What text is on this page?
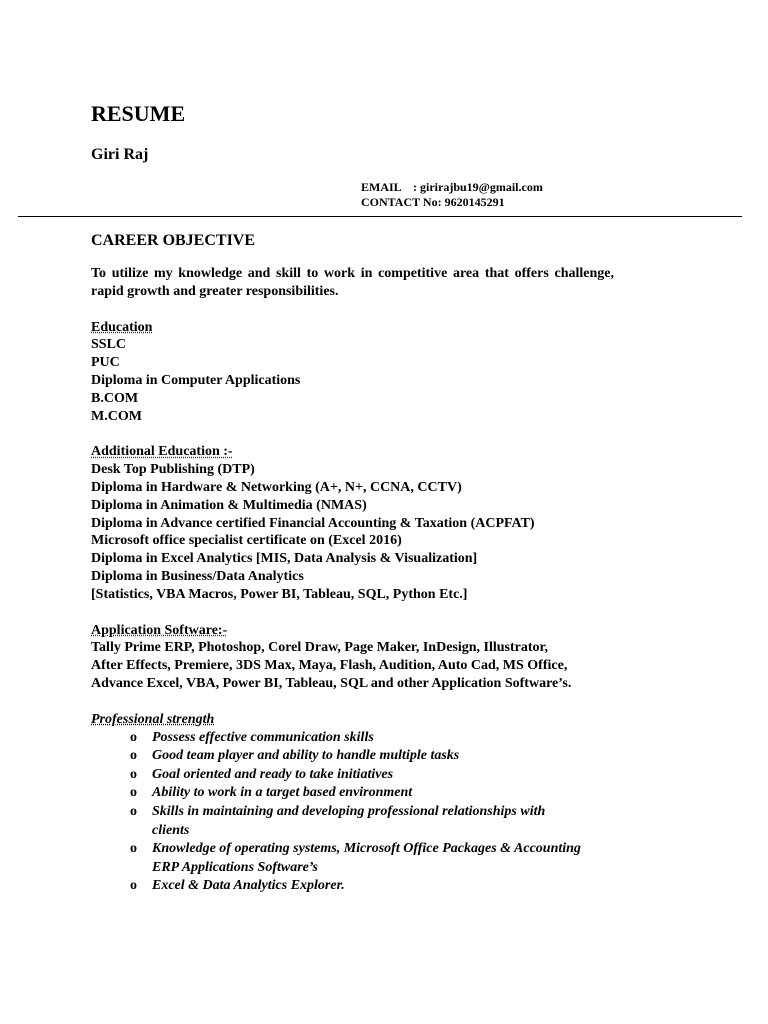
RESUME
Giri Raj
EMAIL : girirajbu19@gmail.com
CONTACT No: 9620145291
CAREER OBJECTIVE
To utilize my knowledge and skill to work in competitive area that offers challenge, rapid growth and greater responsibilities.
Education
SSLC
PUC
Diploma in Computer Applications
B.COM
M.COM
Additional Education :-
Desk Top Publishing (DTP)
Diploma in Hardware & Networking (A+, N+, CCNA, CCTV)
Diploma in Animation & Multimedia (NMAS)
Diploma in Advance certified Financial Accounting & Taxation (ACPFAT)
Microsoft office specialist certificate on (Excel 2016)
Diploma in Excel Analytics [MIS, Data Analysis & Visualization]
Diploma in Business/Data Analytics
[Statistics, VBA Macros, Power BI, Tableau, SQL, Python Etc.]
Application Software:-
Tally Prime ERP, Photoshop, Corel Draw, Page Maker, InDesign, Illustrator,
After Effects, Premiere, 3DS Max, Maya, Flash, Audition, Auto Cad, MS Office,
Advance Excel, VBA, Power BI, Tableau, SQL and other Application Software’s.
Professional strength
o Possess effective communication skills
o Good team player and ability to handle multiple tasks
o Goal oriented and ready to take initiatives
o Ability to work in a target based environment
o Skills in maintaining and developing professional relationships with clients
o Knowledge of operating systems, Microsoft Office Packages & Accounting ERP Applications Software’s
o Excel & Data Analytics Explorer.
